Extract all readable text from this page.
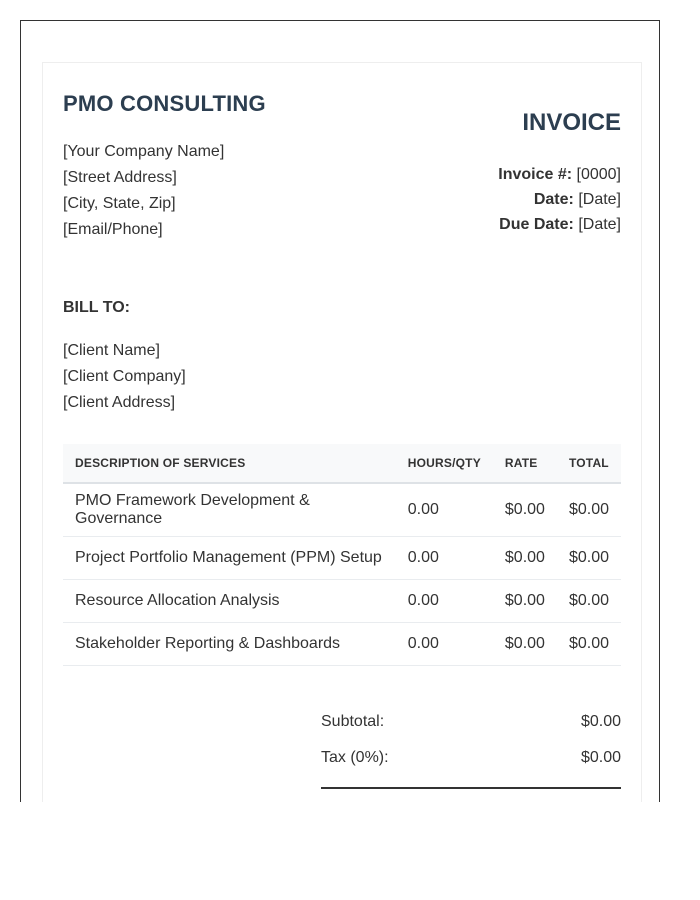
PMO CONSULTING
[Your Company Name]
[Street Address]
[City, State, Zip]
[Email/Phone]
INVOICE
Invoice #: [0000]
Date: [Date]
Due Date: [Date]
BILL TO:
[Client Name]
[Client Company]
[Client Address]
DESCRIPTION OF SERVICES	HOURS/QTY	RATE	TOTAL
PMO Framework Development & Governance	0.00	$0.00	$0.00
Project Portfolio Management (PPM) Setup	0.00	$0.00	$0.00
Resource Allocation Analysis	0.00	$0.00	$0.00
Stakeholder Reporting & Dashboards	0.00	$0.00	$0.00
Subtotal:	$0.00
Tax (0%):	$0.00
